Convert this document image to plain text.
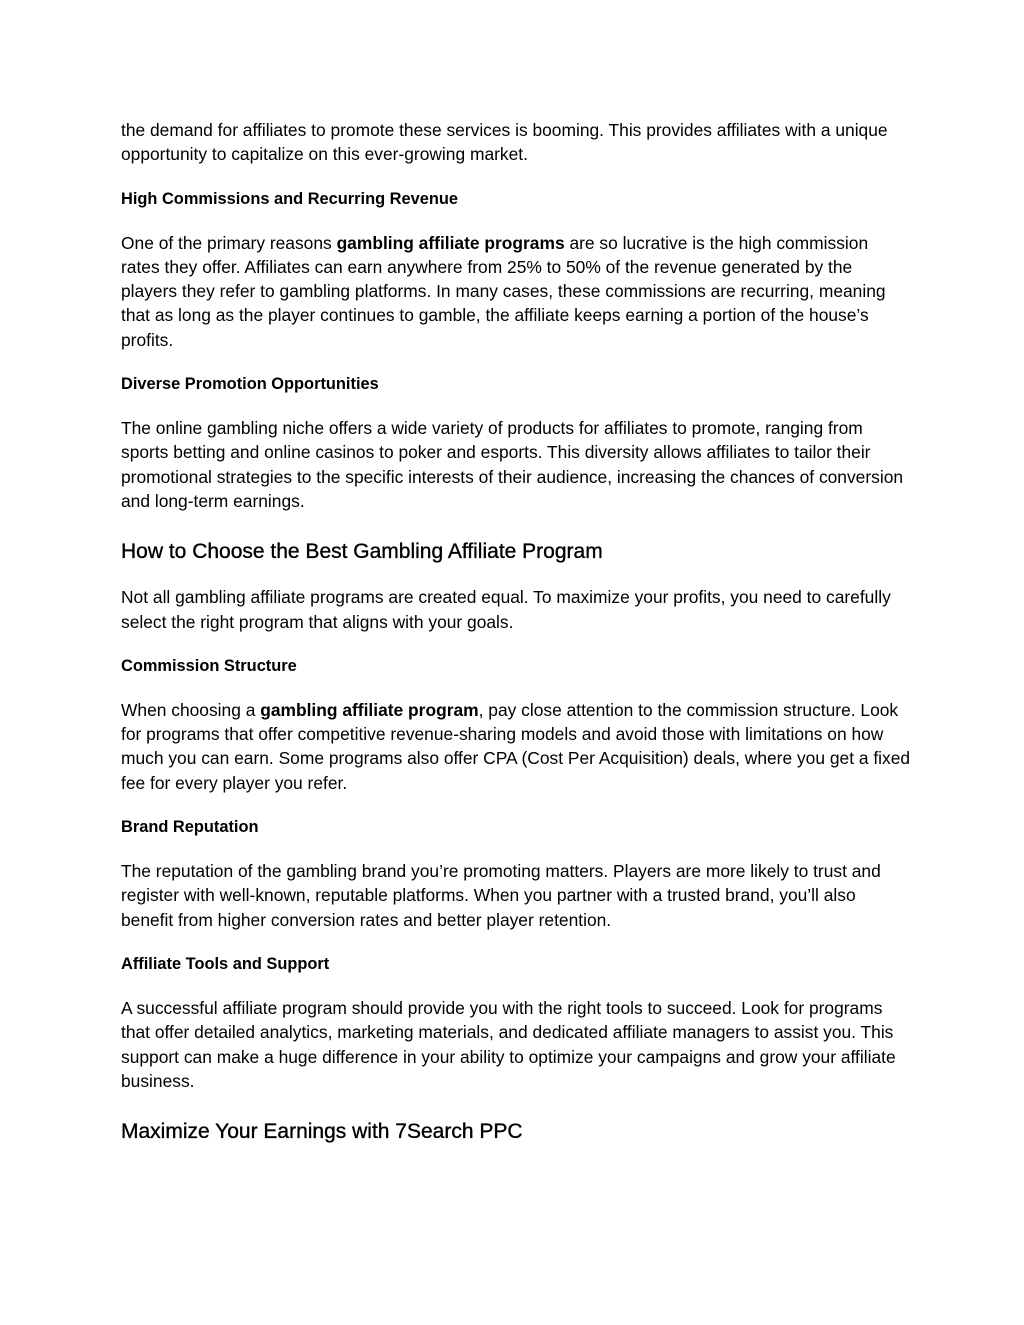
the demand for affiliates to promote these services is booming. This provides affiliates with a unique opportunity to capitalize on this ever-growing market.

High Commissions and Recurring Revenue

One of the primary reasons gambling affiliate programs are so lucrative is the high commission rates they offer. Affiliates can earn anywhere from 25% to 50% of the revenue generated by the players they refer to gambling platforms. In many cases, these commissions are recurring, meaning that as long as the player continues to gamble, the affiliate keeps earning a portion of the house’s profits.

Diverse Promotion Opportunities

The online gambling niche offers a wide variety of products for affiliates to promote, ranging from sports betting and online casinos to poker and esports. This diversity allows affiliates to tailor their promotional strategies to the specific interests of their audience, increasing the chances of conversion and long-term earnings.

How to Choose the Best Gambling Affiliate Program

Not all gambling affiliate programs are created equal. To maximize your profits, you need to carefully select the right program that aligns with your goals.

Commission Structure

When choosing a gambling affiliate program, pay close attention to the commission structure. Look for programs that offer competitive revenue-sharing models and avoid those with limitations on how much you can earn. Some programs also offer CPA (Cost Per Acquisition) deals, where you get a fixed fee for every player you refer.

Brand Reputation

The reputation of the gambling brand you’re promoting matters. Players are more likely to trust and register with well-known, reputable platforms. When you partner with a trusted brand, you’ll also benefit from higher conversion rates and better player retention.

Affiliate Tools and Support

A successful affiliate program should provide you with the right tools to succeed. Look for programs that offer detailed analytics, marketing materials, and dedicated affiliate managers to assist you. This support can make a huge difference in your ability to optimize your campaigns and grow your affiliate business.

Maximize Your Earnings with 7Search PPC
